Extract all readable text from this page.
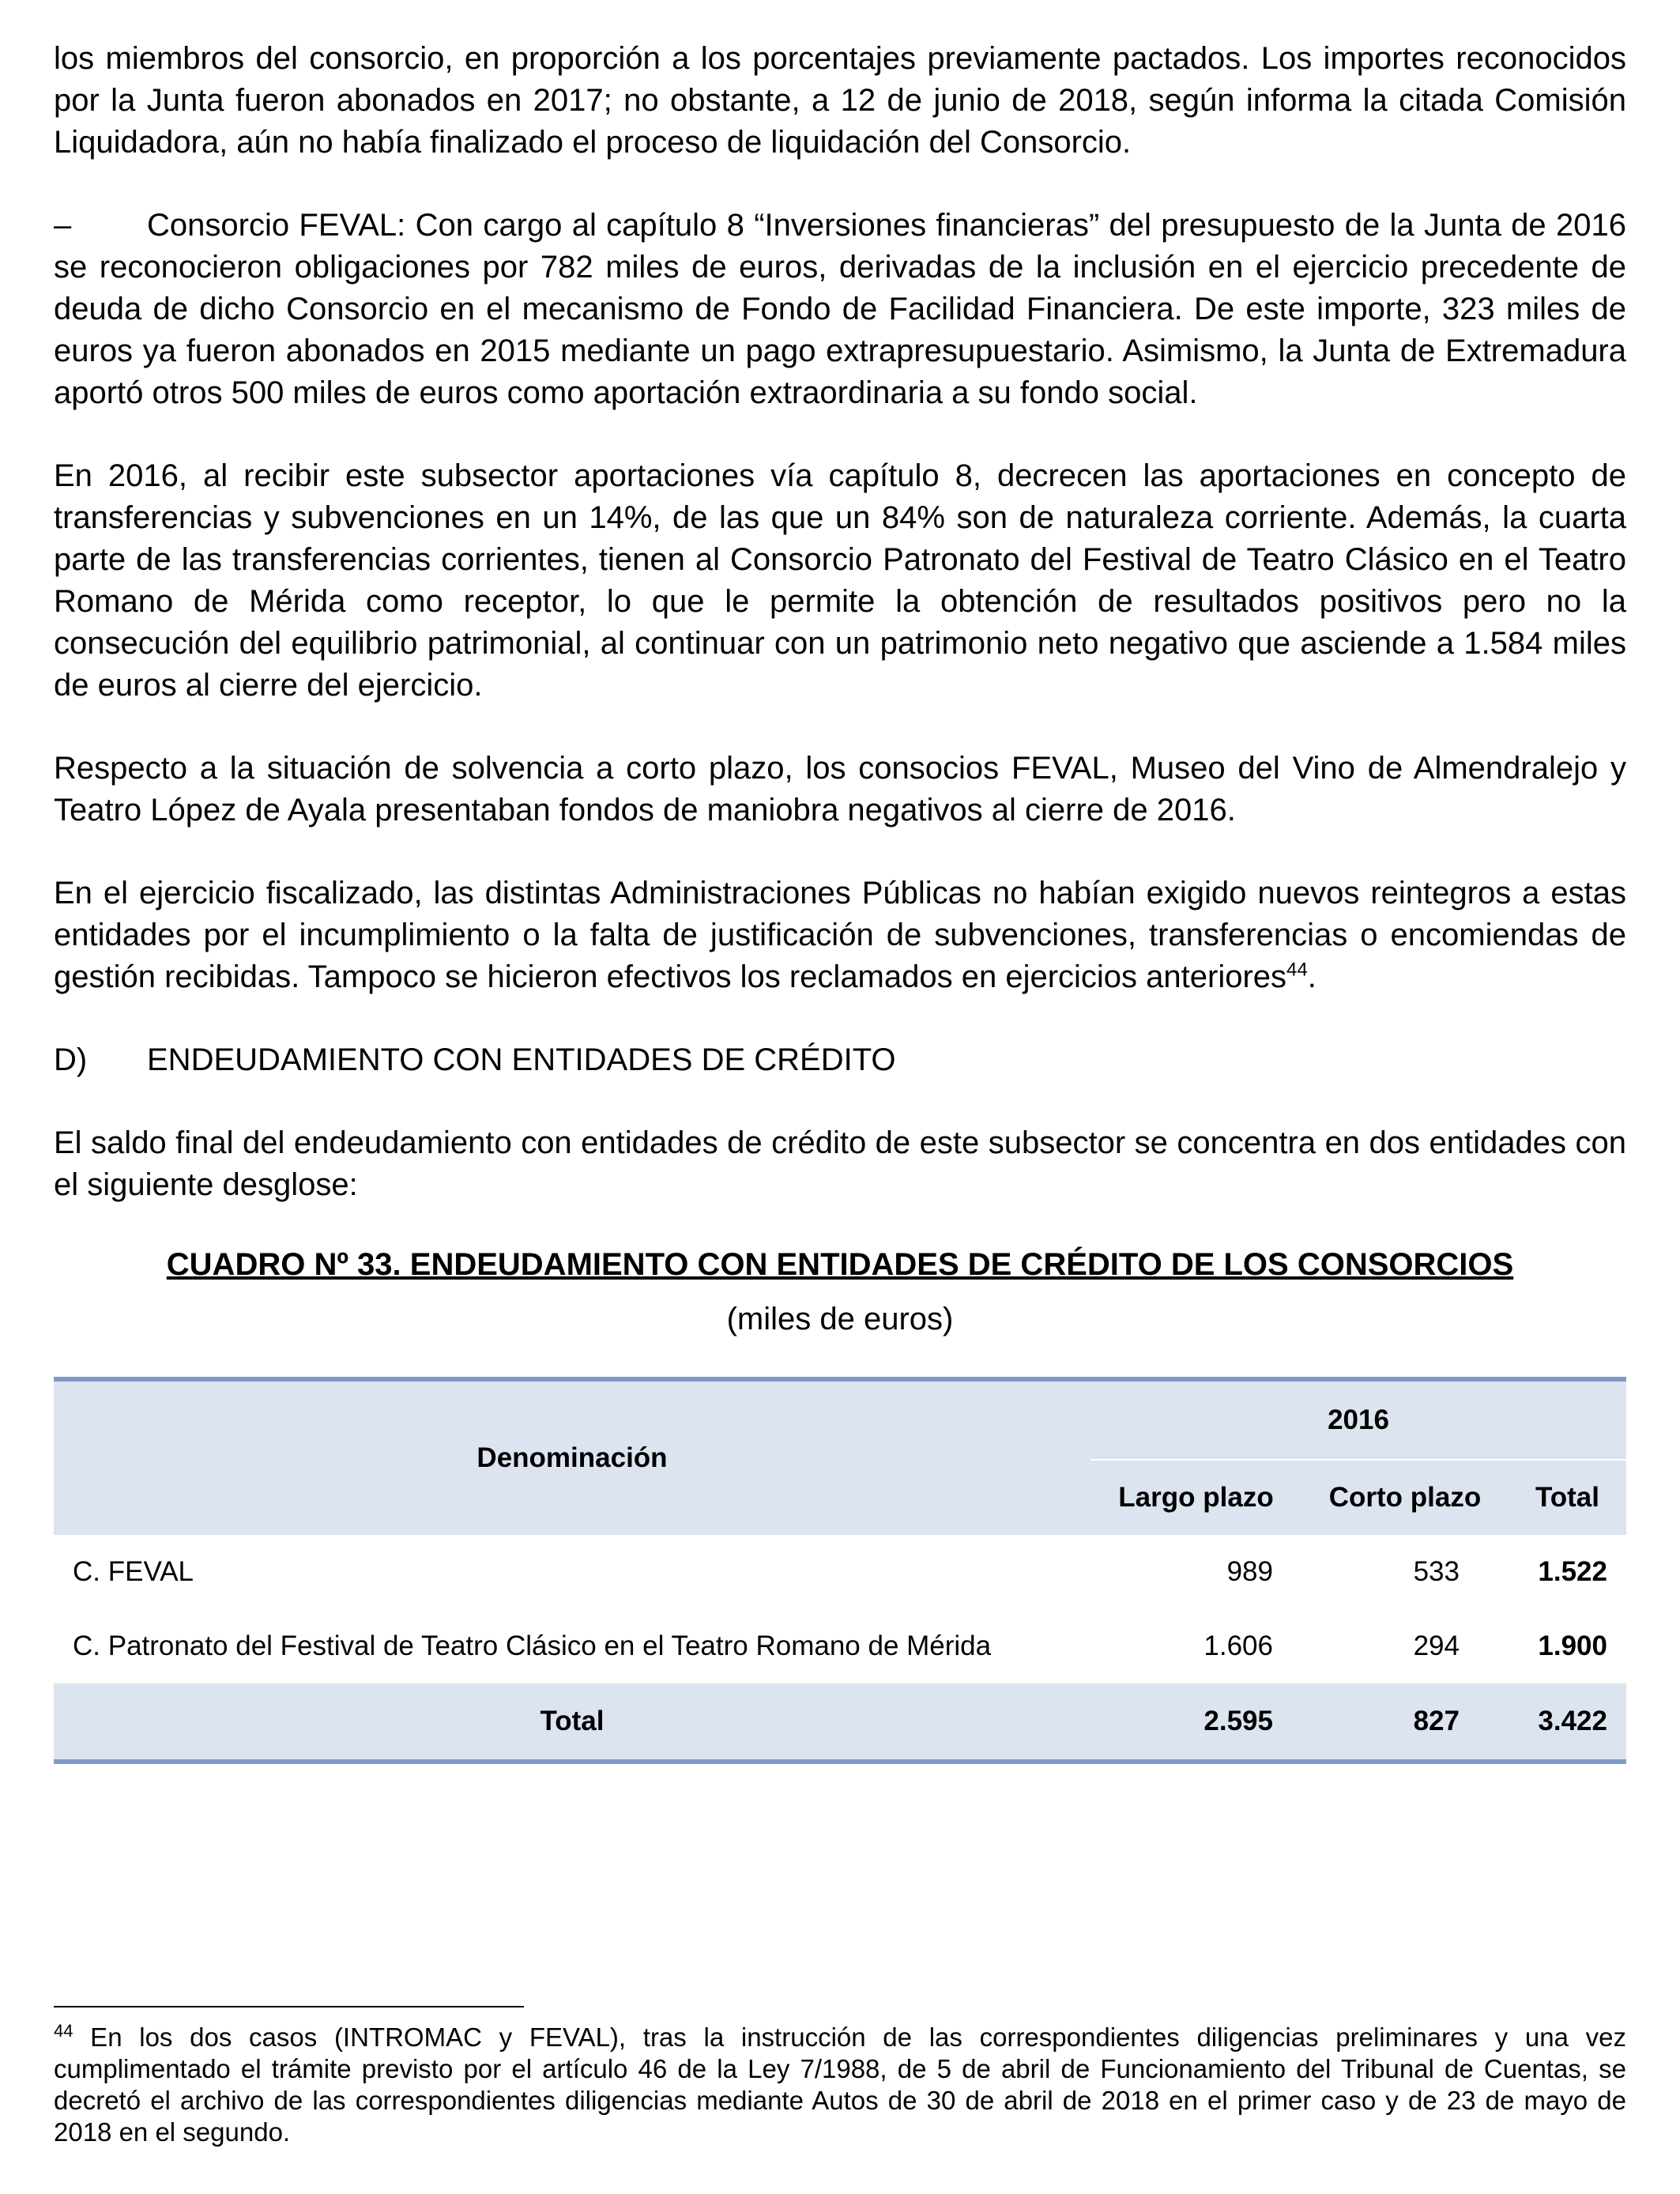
los miembros del consorcio, en proporción a los porcentajes previamente pactados. Los importes reconocidos por la Junta fueron abonados en 2017; no obstante, a 12 de junio de 2018, según informa la citada Comisión Liquidadora, aún no había finalizado el proceso de liquidación del Consorcio.

– Consorcio FEVAL: Con cargo al capítulo 8 “Inversiones financieras” del presupuesto de la Junta de 2016 se reconocieron obligaciones por 782 miles de euros, derivadas de la inclusión en el ejercicio precedente de deuda de dicho Consorcio en el mecanismo de Fondo de Facilidad Financiera. De este importe, 323 miles de euros ya fueron abonados en 2015 mediante un pago extrapresupuestario. Asimismo, la Junta de Extremadura aportó otros 500 miles de euros como aportación extraordinaria a su fondo social.

En 2016, al recibir este subsector aportaciones vía capítulo 8, decrecen las aportaciones en concepto de transferencias y subvenciones en un 14%, de las que un 84% son de naturaleza corriente. Además, la cuarta parte de las transferencias corrientes, tienen al Consorcio Patronato del Festival de Teatro Clásico en el Teatro Romano de Mérida como receptor, lo que le permite la obtención de resultados positivos pero no la consecución del equilibrio patrimonial, al continuar con un patrimonio neto negativo que asciende a 1.584 miles de euros al cierre del ejercicio.

Respecto a la situación de solvencia a corto plazo, los consocios FEVAL, Museo del Vino de Almendralejo y Teatro López de Ayala presentaban fondos de maniobra negativos al cierre de 2016.

En el ejercicio fiscalizado, las distintas Administraciones Públicas no habían exigido nuevos reintegros a estas entidades por el incumplimiento o la falta de justificación de subvenciones, transferencias o encomiendas de gestión recibidas. Tampoco se hicieron efectivos los reclamados en ejercicios anteriores$^{44}$.

D) ENDEUDAMIENTO CON ENTIDADES DE CRÉDITO

El saldo final del endeudamiento con entidades de crédito de este subsector se concentra en dos entidades con el siguiente desglose:

CUADRO Nº 33. ENDEUDAMIENTO CON ENTIDADES DE CRÉDITO DE LOS CONSORCIOS
(miles de euros)
Denominación	2016		
	Largo plazo	Corto plazo	Total
C. FEVAL	989	533	1.522
C. Patronato del Festival de Teatro Clásico en el Teatro Romano de Mérida	1.606	294	1.900
Total	2.595	827	3.422
$^{44}$ En los dos casos (INTROMAC y FEVAL), tras la instrucción de las correspondientes diligencias preliminares y una vez cumplimentado el trámite previsto por el artículo 46 de la Ley 7/1988, de 5 de abril de Funcionamiento del Tribunal de Cuentas, se decretó el archivo de las correspondientes diligencias mediante Autos de 30 de abril de 2018 en el primer caso y de 23 de mayo de 2018 en el segundo.
